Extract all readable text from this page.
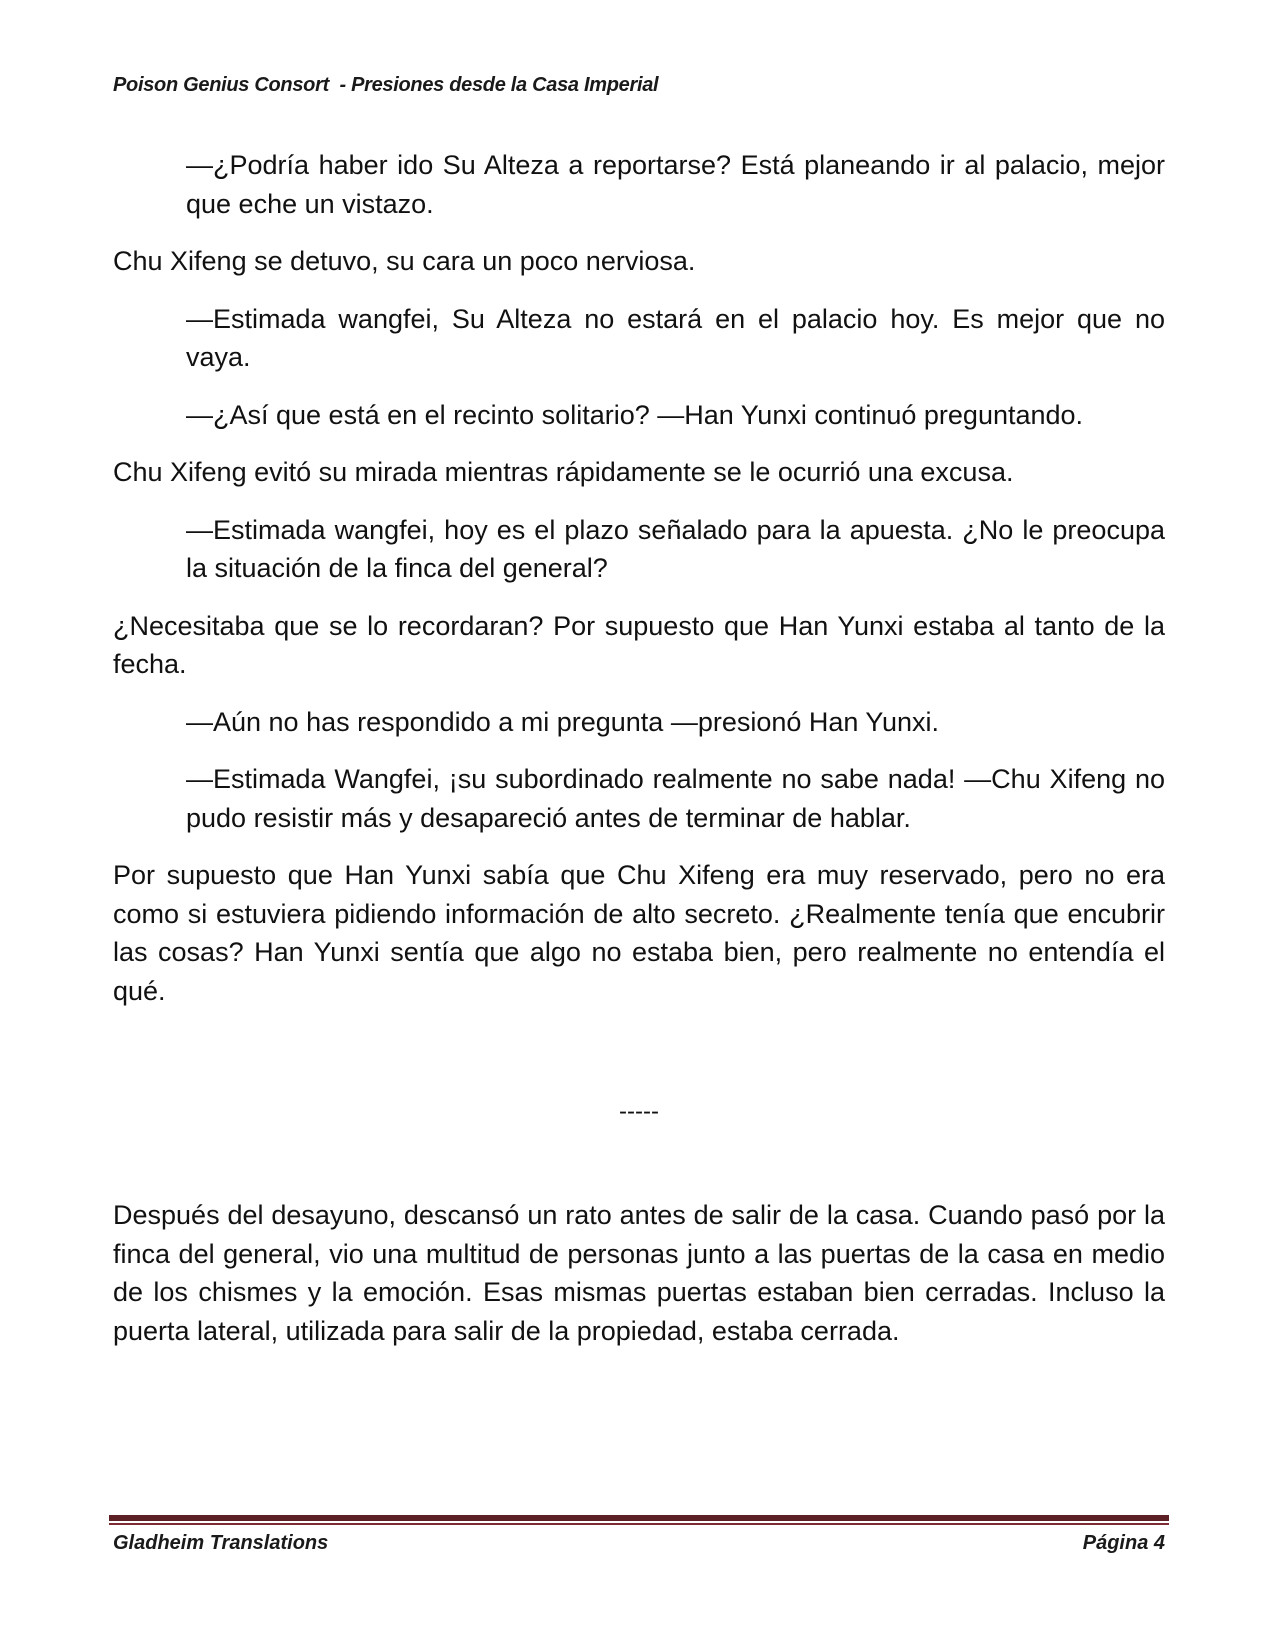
Poison Genius Consort  - Presiones desde la Casa Imperial

—¿Podría haber ido Su Alteza a reportarse? Está planeando ir al palacio, mejor que eche un vistazo.

Chu Xifeng se detuvo, su cara un poco nerviosa.

—Estimada wangfei, Su Alteza no estará en el palacio hoy. Es mejor que no vaya.

—¿Así que está en el recinto solitario? —Han Yunxi continuó preguntando.

Chu Xifeng evitó su mirada mientras rápidamente se le ocurrió una excusa.

—Estimada wangfei, hoy es el plazo señalado para la apuesta. ¿No le preocupa la situación de la finca del general?

¿Necesitaba que se lo recordaran? Por supuesto que Han Yunxi estaba al tanto de la fecha.

—Aún no has respondido a mi pregunta —presionó Han Yunxi.

—Estimada Wangfei, ¡su subordinado realmente no sabe nada! —Chu Xifeng no pudo resistir más y desapareció antes de terminar de hablar.

Por supuesto que Han Yunxi sabía que Chu Xifeng era muy reservado, pero no era como si estuviera pidiendo información de alto secreto. ¿Realmente tenía que encubrir las cosas? Han Yunxi sentía que algo no estaba bien, pero realmente no entendía el qué.

-----

Después del desayuno, descansó un rato antes de salir de la casa. Cuando pasó por la finca del general, vio una multitud de personas junto a las puertas de la casa en medio de los chismes y la emoción. Esas mismas puertas estaban bien cerradas. Incluso la puerta lateral, utilizada para salir de la propiedad, estaba cerrada.

Gladheim Translations	Página 4
